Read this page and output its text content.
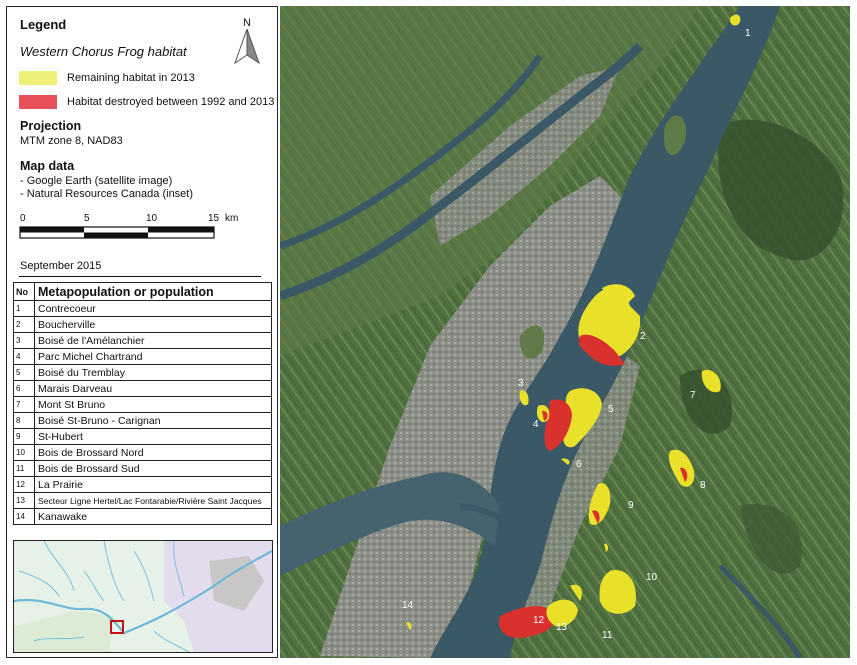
Legend
Western Chorus Frog habitat
N
Remaining habitat in 2013
Habitat destroyed between 1992 and 2013
Projection
MTM zone 8, NAD83
Map data
- Google Earth (satellite image)
- Natural Resources Canada (inset)
0	5	10	15 km
September 2015
No	Metapopulation or population
1	Contrecoeur
2	Boucherville
3	Boisé de l'Amélanchier
4	Parc Michel Chartrand
5	Boisé du Tremblay
6	Marais Darveau
7	Mont St Bruno
8	Boisé St-Bruno - Carignan
9	St-Hubert
10	Bois de Brossard Nord
11	Bois de Brossard Sud
12	La Prairie
13	Secteur Ligne Hertel/Lac Fontarabie/Rivière Saint Jacques
14	Kanawake
1
2
3
4
5
6
7
8
9
10
11
12
13
14
